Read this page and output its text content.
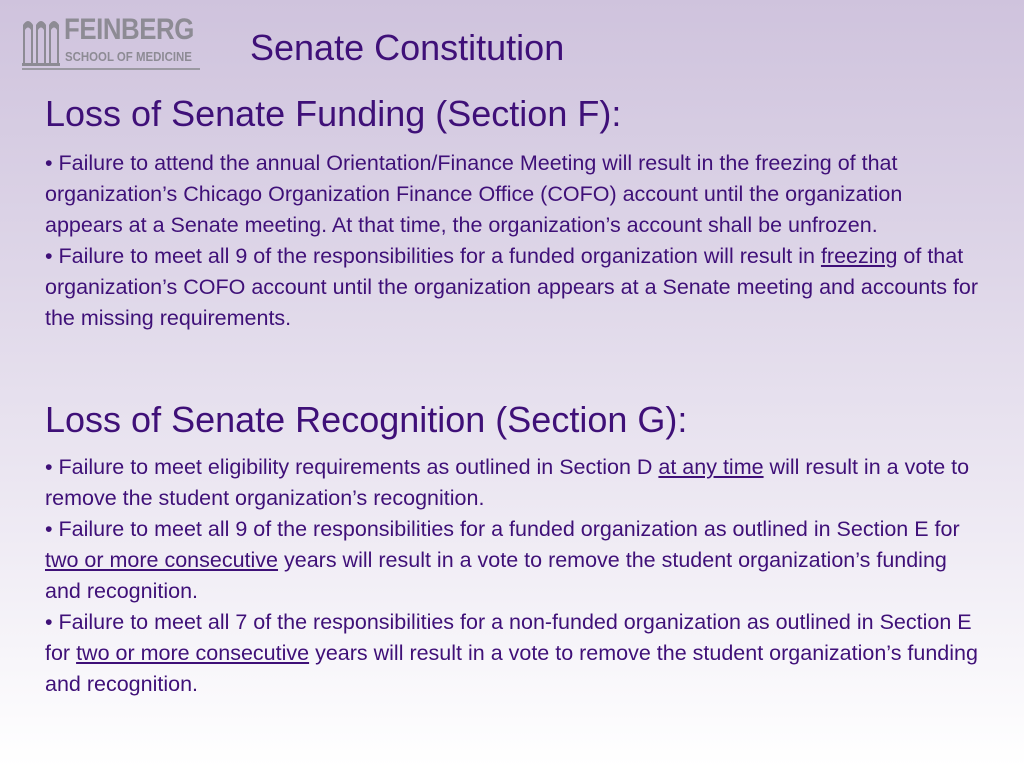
FEINBERG
SCHOOL OF MEDICINE Senate Constitution
Loss of Senate Funding (Section F):

• Failure to attend the annual Orientation/Finance Meeting will result in the freezing of that organization’s Chicago Organization Finance Office (COFO) account until the organization appears at a Senate meeting. At that time, the organization’s account shall be unfrozen.

• Failure to meet all 9 of the responsibilities for a funded organization will result in freezing of that organization’s COFO account until the organization appears at a Senate meeting and accounts for the missing requirements.

Loss of Senate Recognition (Section G):

• Failure to meet eligibility requirements as outlined in Section D at any time will result in a vote to remove the student organization’s recognition.

• Failure to meet all 9 of the responsibilities for a funded organization as outlined in Section E for two or more consecutive years will result in a vote to remove the student organization’s funding and recognition.

• Failure to meet all 7 of the responsibilities for a non-funded organization as outlined in Section E for two or more consecutive years will result in a vote to remove the student organization’s funding and recognition.
